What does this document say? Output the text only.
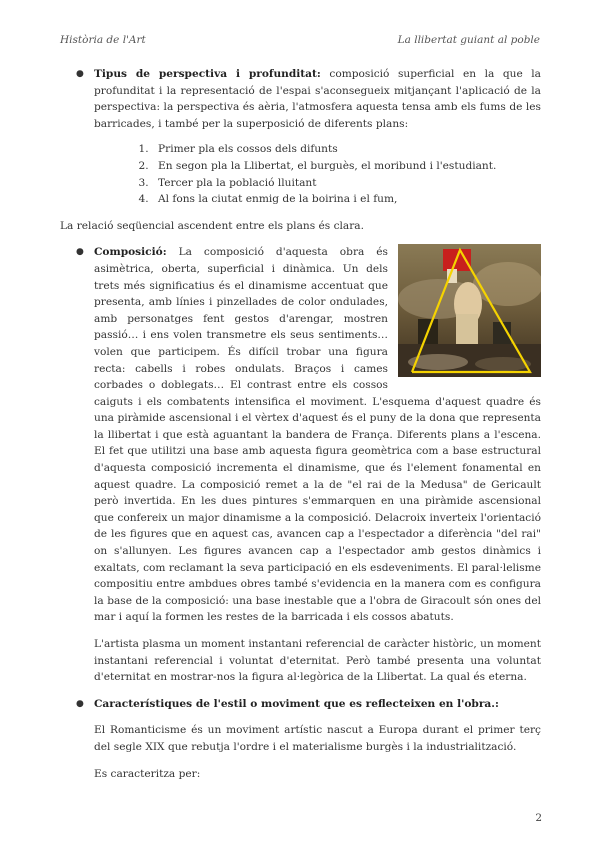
Història de l'Art	La llibertat guiant al poble
● Tipus de perspectiva i profunditat: composició superficial en la que la profunditat i la representació de l'espai s'aconsegueix mitjançant l'aplicació de la perspectiva: la perspectiva és aèria, l'atmosfera aquesta tensa amb els fums de les barricades, i també per la superposició de diferents plans:

1. Primer pla els cossos dels difunts
2. En segon pla la Llibertat, el burguès, el moribund i l'estudiant.
3. Tercer pla la població lluitant
4. Al fons la ciutat enmig de la boirina i el fum,

La relació seqüencial ascendent entre els plans és clara.

● Composició: La composició d'aquesta obra és asimètrica, oberta, superficial i dinàmica. Un dels trets més significatius és el dinamisme accentuat que presenta, amb línies i pinzellades de color ondulades, amb personatges fent gestos d'arengar, mostren passió… i ens volen transmetre els seus sentiments… volen que participem. És difícil trobar una figura recta: cabells i robes ondulats. Braços i cames corbades o doblegats… El contrast entre els cossos caiguts i els combatents intensifica el moviment. L'esquema d'aquest quadre és una piràmide ascensional i el vèrtex d'aquest és el puny de la dona que representa la llibertat i que està aguantant la bandera de França. Diferents plans a l'escena. El fet que utilitzi una base amb aquesta figura geomètrica com a base estructural d'aquesta composició incrementa el dinamisme, que és l'element fonamental en aquest quadre. La composició remet a la de "el rai de la Medusa" de Gericault però invertida. En les dues pintures s'emmarquen en una piràmide ascensional que confereix un major dinamisme a la composició. Delacroix inverteix l'orientació de les figures que en aquest cas, avancen cap a l'espectador a diferència "del rai" on s'allunyen. Les figures avancen cap a l'espectador amb gestos dinàmics i exaltats, com reclamant la seva participació en els esdeveniments. El paral·lelisme compositiu entre ambdues obres també s'evidencia en la manera com es configura la base de la composició: una base inestable que a l'obra de Giracoult són ones del mar i aquí la formen les restes de la barricada i els cossos abatuts.

L'artista plasma un moment instantani referencial de caràcter històric, un moment instantani referencial i voluntat d'eternitat. Però també presenta una voluntat d'eternitat en mostrar-nos la figura al·legòrica de la Llibertat. La qual és eterna.

● Característiques de l'estil o moviment que es reflecteixen en l'obra.:

El Romanticisme és un moviment artístic nascut a Europa durant el primer terç del segle XIX que rebutja l'ordre i el materialisme burgès i la industrialització.

Es caracteritza per:

2
